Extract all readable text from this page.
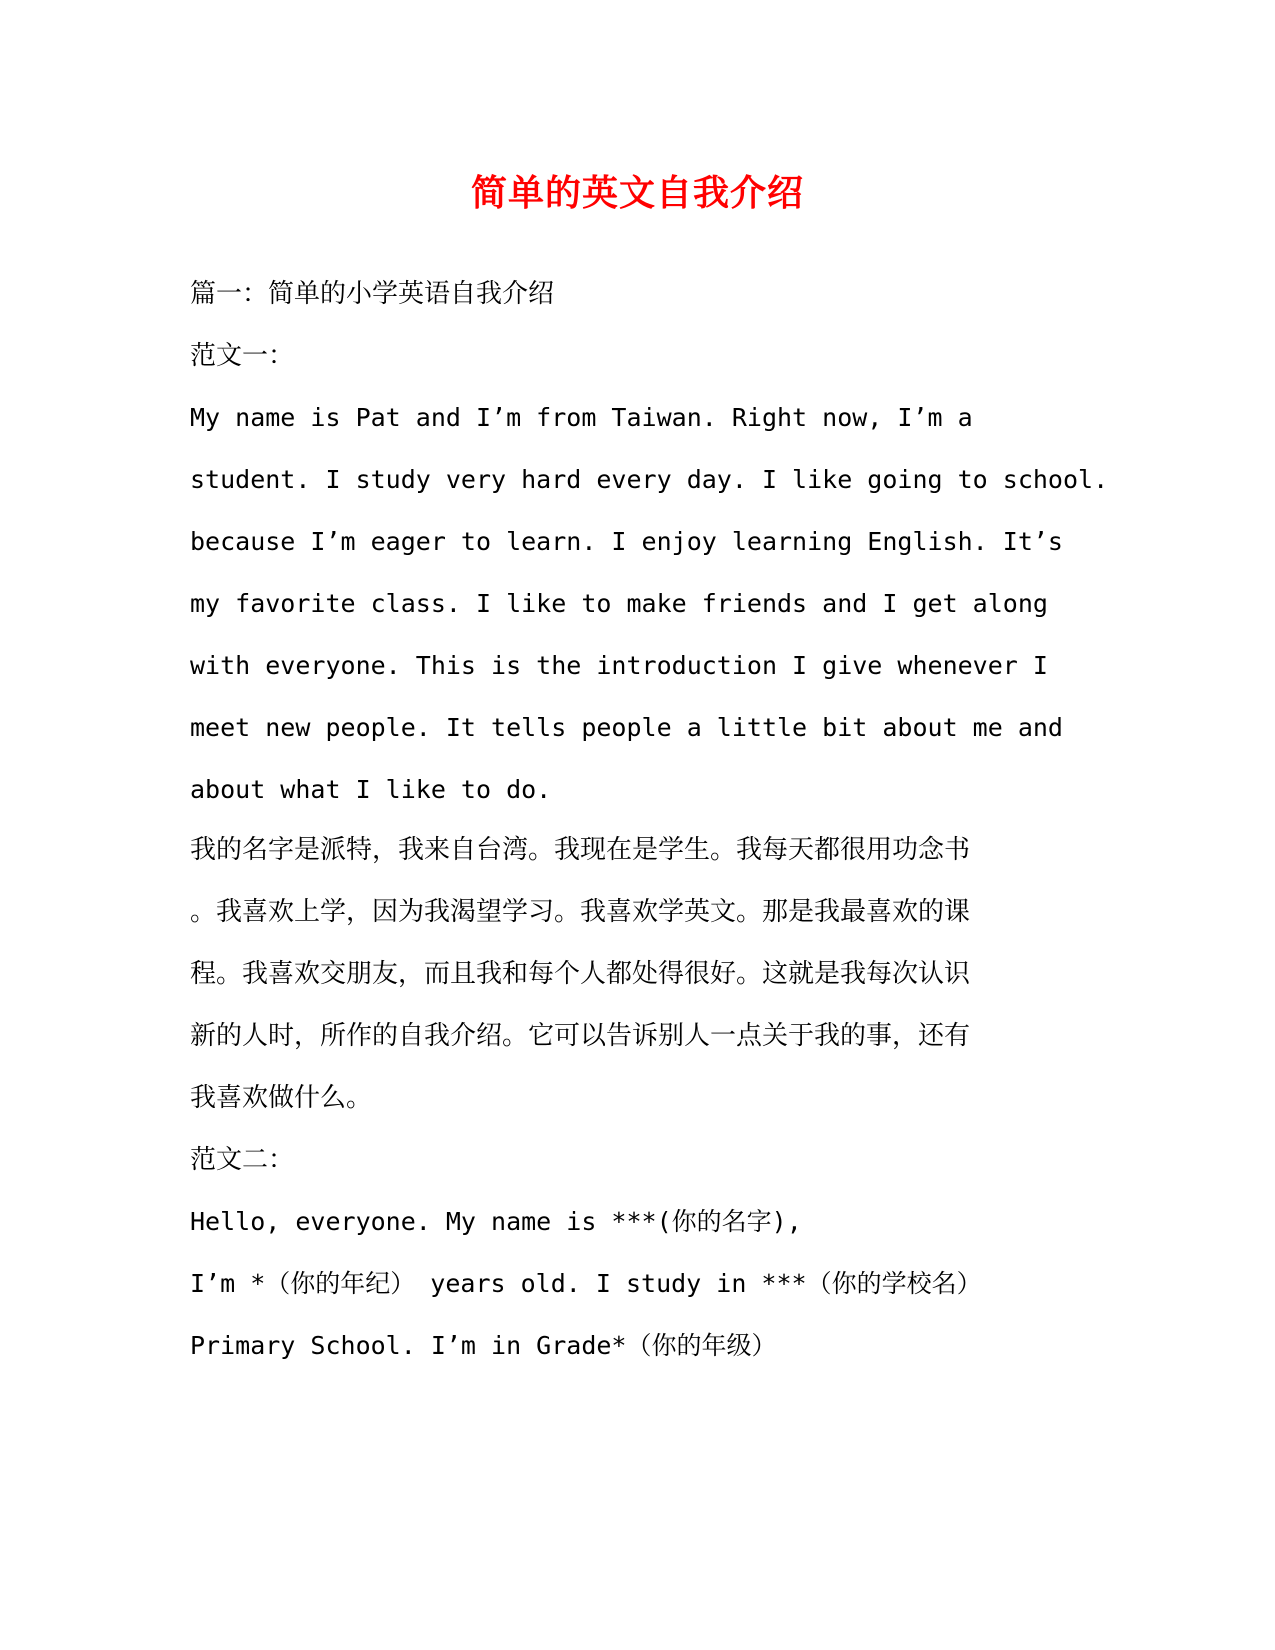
简单的英文自我介绍
篇一：简单的小学英语自我介绍
范文一：
My name is Pat and I’m from Taiwan. Right now, I’m a
student. I study very hard every day. I like going to school.
because I’m eager to learn. I enjoy learning English. It’s
my favorite class. I like to make friends and I get along
with everyone. This is the introduction I give whenever I
meet new people. It tells people a little bit about me and
about what I like to do.
我的名字是派特，我来自台湾。我现在是学生。我每天都很用功念书
。我喜欢上学，因为我渴望学习。我喜欢学英文。那是我最喜欢的课
程。我喜欢交朋友，而且我和每个人都处得很好。这就是我每次认识
新的人时，所作的自我介绍。它可以告诉别人一点关于我的事，还有
我喜欢做什么。
范文二：
Hello, everyone. My name is ***(你的名字),
I’m *（你的年纪） years old. I study in ***（你的学校名）
Primary School. I’m in Grade*（你的年级）
